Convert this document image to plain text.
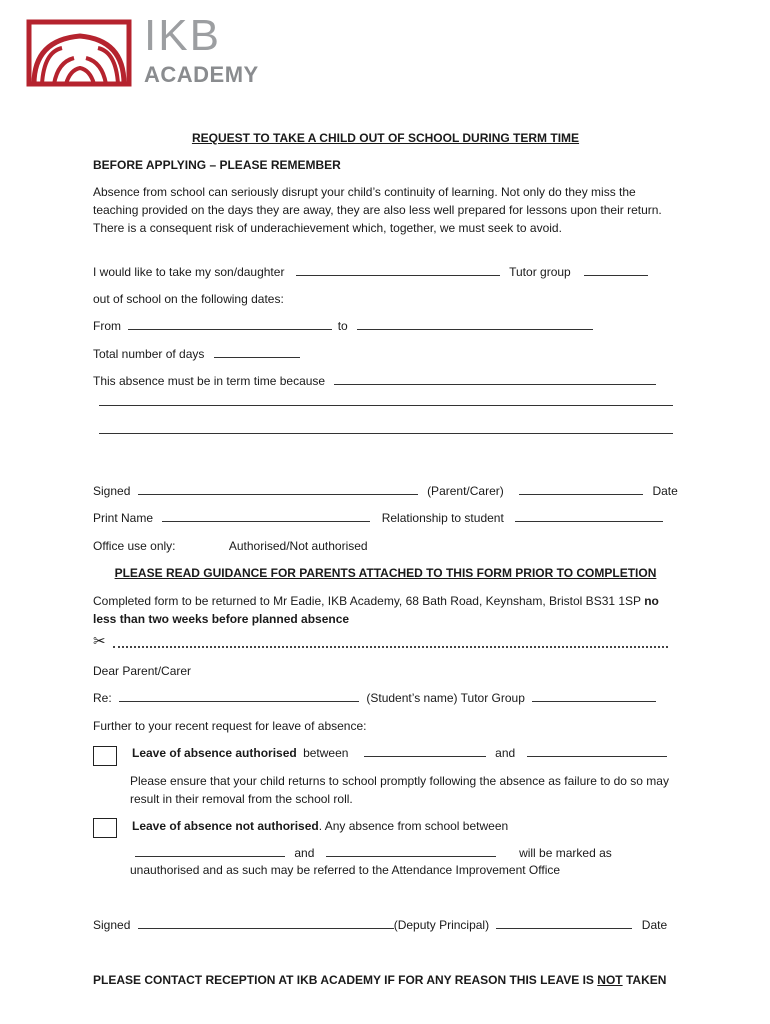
IKB
ACADEMY
REQUEST TO TAKE A CHILD OUT OF SCHOOL DURING TERM TIME
BEFORE APPLYING – PLEASE REMEMBER
Absence from school can seriously disrupt your child’s continuity of learning. Not only do they miss the teaching provided on the days they are away, they are also less well prepared for lessons upon their return. There is a consequent risk of underachievement which, together, we must seek to avoid.
I would like to take my son/daughter	Tutor group
out of school on the following dates:
From	to
Total number of days
This absence must be in term time because
Signed	(Parent/Carer)	Date
Print Name	Relationship to student
Office use only:	Authorised/Not authorised
PLEASE READ GUIDANCE FOR PARENTS ATTACHED TO THIS FORM PRIOR TO COMPLETION
Completed form to be returned to Mr Eadie, IKB Academy, 68 Bath Road, Keynsham, Bristol BS31 1SP no less than two weeks before planned absence
✂
Dear Parent/Carer
Re:	(Student’s name) Tutor Group
Further to your recent request for leave of absence:
Leave of absence authorised between	and
Please ensure that your child returns to school promptly following the absence as failure to do so may result in their removal from the school roll.
Leave of absence not authorised. Any absence from school between
and	will be marked as
unauthorised and as such may be referred to the Attendance Improvement Office
Signed	(Deputy Principal)	Date
PLEASE CONTACT RECEPTION AT IKB ACADEMY IF FOR ANY REASON THIS LEAVE IS NOT TAKEN
